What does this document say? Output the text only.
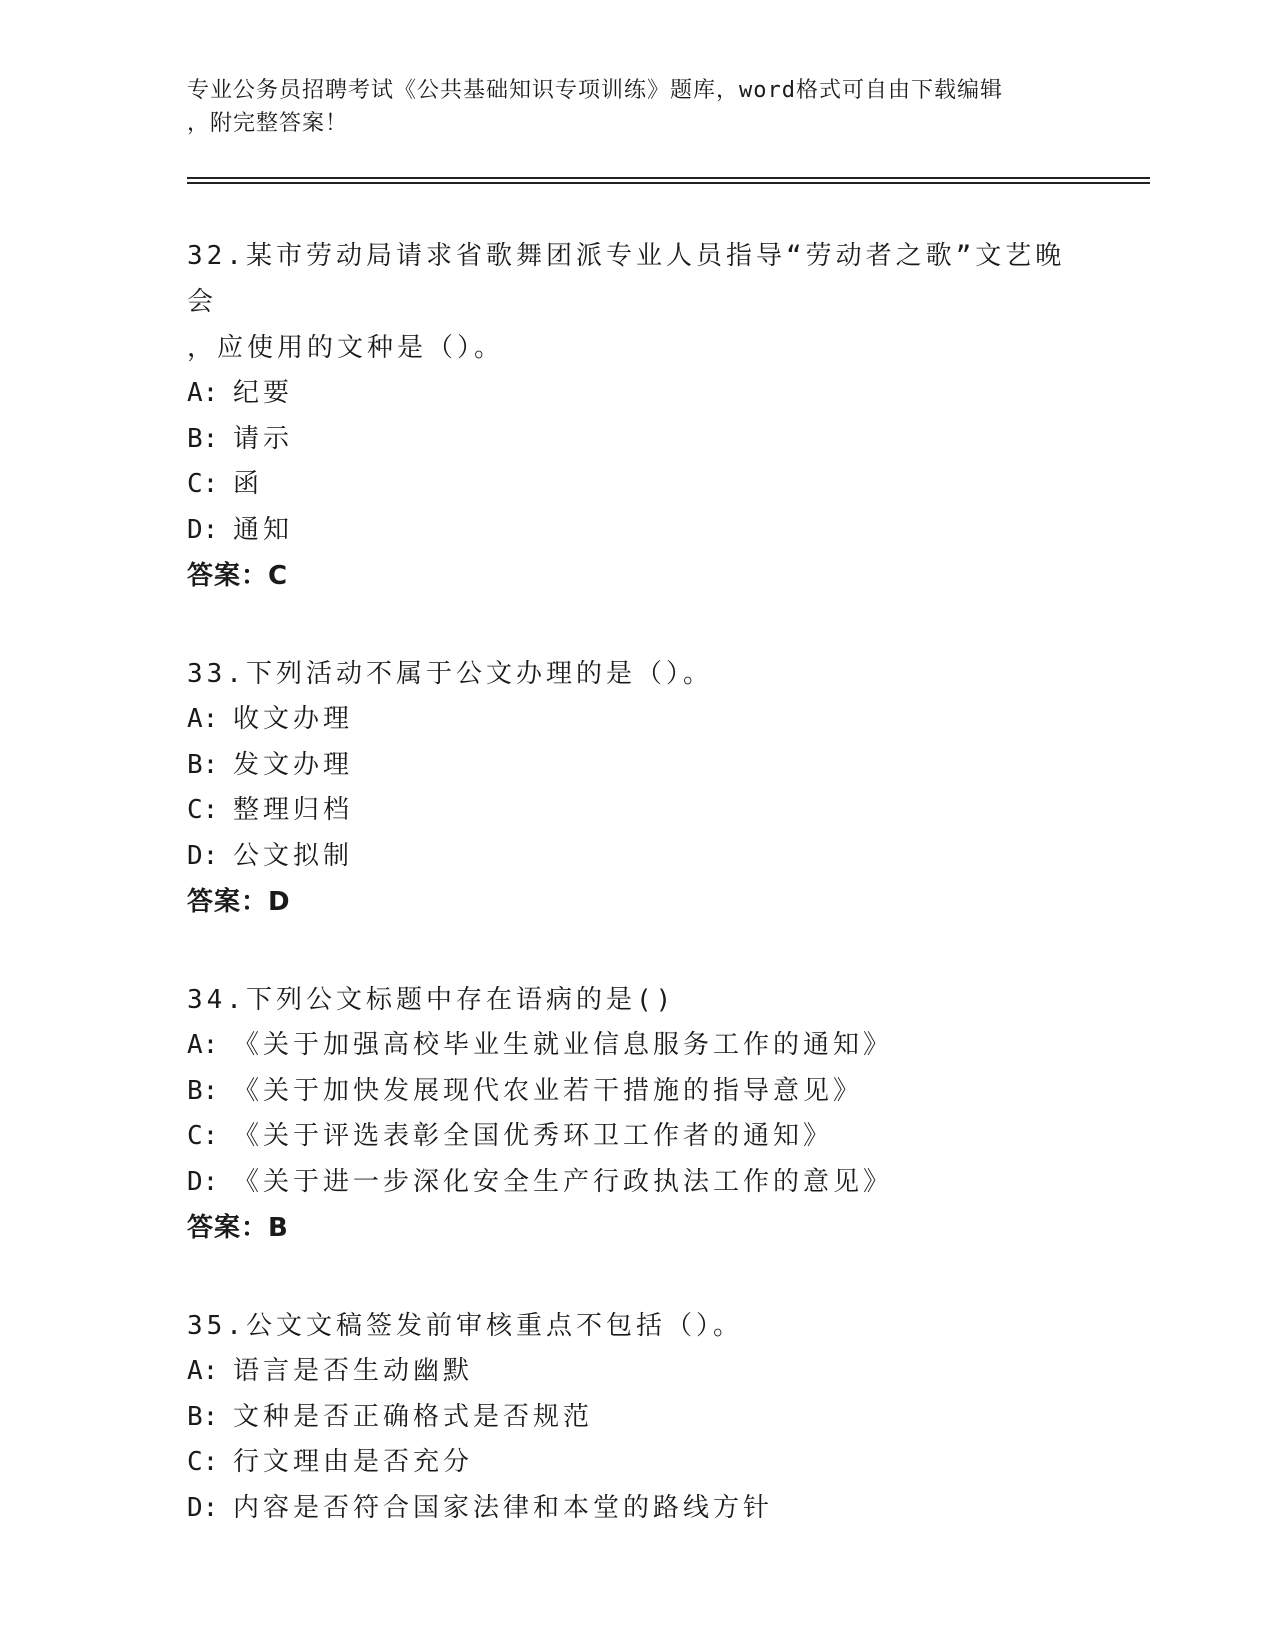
专业公务员招聘考试《公共基础知识专项训练》题库，word格式可自由下载编辑
，附完整答案！
32.某市劳动局请求省歌舞团派专业人员指导“劳动者之歌”文艺晚会
，应使用的文种是（）。
A: 纪要
B: 请示
C: 函
D: 通知
答案：C
33.下列活动不属于公文办理的是（）。
A: 收文办理
B: 发文办理
C: 整理归档
D: 公文拟制
答案：D
34.下列公文标题中存在语病的是()
A: 《关于加强高校毕业生就业信息服务工作的通知》
B: 《关于加快发展现代农业若干措施的指导意见》
C: 《关于评选表彰全国优秀环卫工作者的通知》
D: 《关于进一步深化安全生产行政执法工作的意见》
答案：B
35.公文文稿签发前审核重点不包括（）。
A: 语言是否生动幽默
B: 文种是否正确格式是否规范
C: 行文理由是否充分
D: 内容是否符合国家法律和本堂的路线方针
